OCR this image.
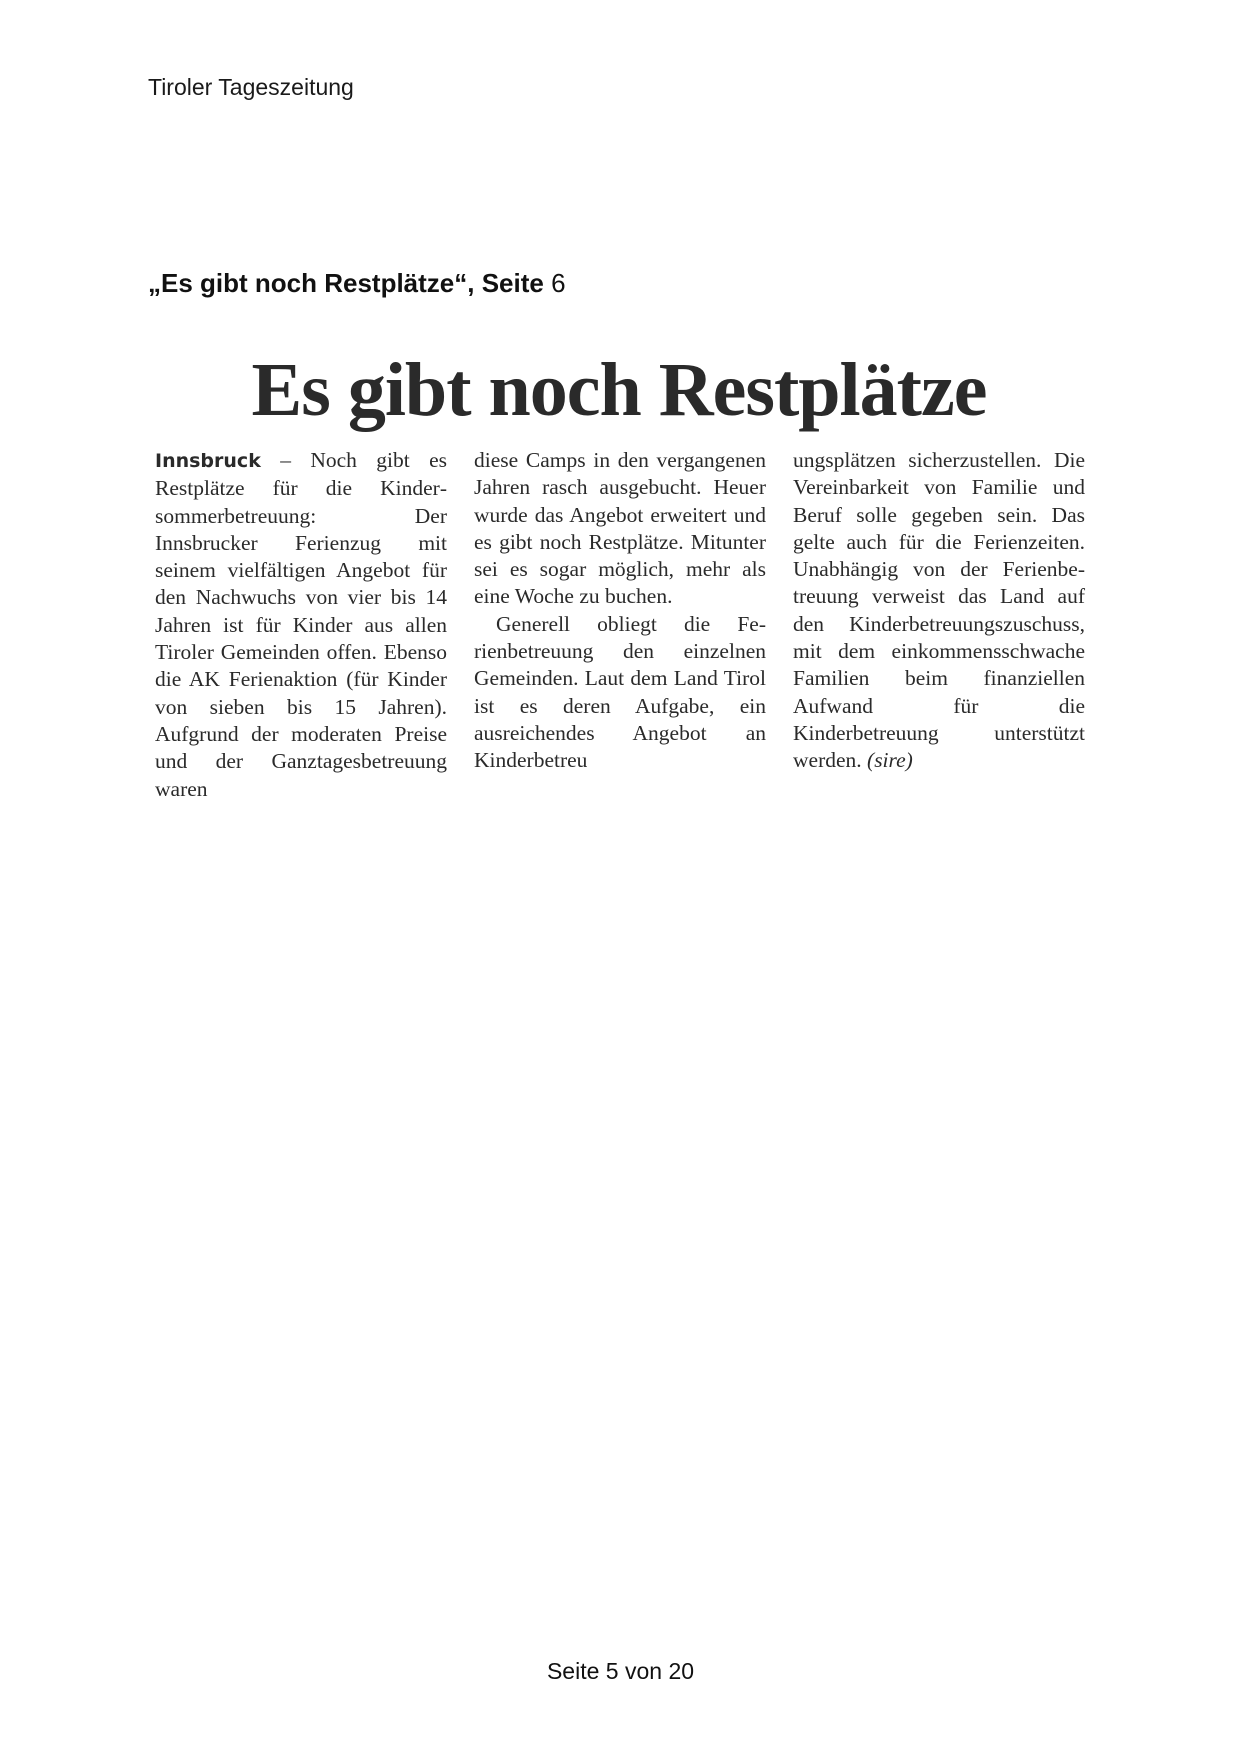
Tiroler Tageszeitung
„Es gibt noch Restplätze“, Seite 6
Es gibt noch Restplätze

Innsbruck – Noch gibt es Restplätze für die Kindersommerbetreuung: Der Innsbrucker Ferienzug mit seinem vielfältigen Angebot für den Nachwuchs von vier bis 14 Jahren ist für Kinder aus allen Tiroler Gemeinden offen. Ebenso die AK Ferienaktion (für Kinder von sieben bis 15 Jahren). Aufgrund der moderaten Preise und der Ganztagesbetreuung waren

diese Camps in den vergangenen Jahren rasch ausgebucht. Heuer wurde das Angebot erweitert und es gibt noch Restplätze. Mitunter sei es sogar möglich, mehr als eine Woche zu buchen.

Generell obliegt die Ferienbetreuung den einzelnen Gemeinden. Laut dem Land Tirol ist es deren Aufgabe, ein ausreichendes Angebot an Kinderbetreu

ungsplätzen sicherzustellen. Die Vereinbarkeit von Familie und Beruf solle gegeben sein. Das gelte auch für die Ferienzeiten. Unabhängig von der Ferienbetreuung verweist das Land auf den Kinderbetreuungszuschuss, mit dem einkommensschwache Familien beim finanziellen Aufwand für die Kinderbetreuung unterstützt werden. (sire)

Seite 5 von 20
